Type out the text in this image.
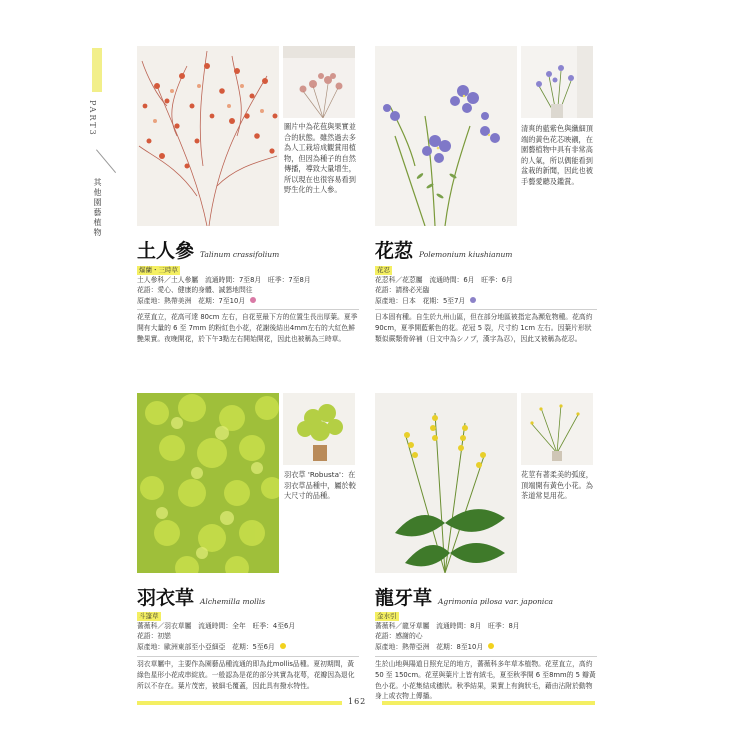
PART3
其他園藝植物
圖片中為花苞與果實並合的狀態。雖然過去多為人工栽培成觀賞用植物，但因為種子的自然傳播，導致大量增生，所以現在也很容易看到野生化的土人參。
土人參 Talinum crassifolium
爆蘭・三時草
土人參科／土人參屬　流通時間：7至8月　旺季：7至8月
花語：愛心、健康的身體、誠懇地問往
原產地：熱帶美洲　花期：7至10月
花莖直立，花高可達 80cm 左右，自花莖最下方的位置生長出厚葉。夏季開有大量的 6 至 7mm 的粉紅色小花，花謝後結出4mm左右的大紅色鮮艷果實。夜晚開花，於下午3點左右開始開花，因此也被稱為三時草。
清爽的藍紫色與纖細頂端的黃色花芯映襯，在園藝植物中具有非常高的人氣，所以偶能看到盆栽的新聞，因此也被手藝愛聽及鑑賞。
花荵 Polemonium kiushianum
花忍
花荵科／花荵屬　流通時間：6月　旺季：6月
花語：請務必光臨
原產地：日本　花期：5至7月
日本固有種。自生於九州山區，但在部分地區被指定為瀕危物種。花高約 90cm，夏季開藍紫色的花。花冠 5 裂，尺寸約 1cm 左右。因葉片形狀類似蕨類骨碎補（日文中為シノブ，漢字為忍），因此又被稱為花忍。
羽衣草 'Robusta'：在羽衣草品種中，屬於較大尺寸的品種。
羽衣草 Alchemilla mollis
斗篷草
薔薇科／羽衣草屬　流通時間：全年　旺季：4至6月
花語：初戀
原產地：歐洲東部至小亞細亞　花期：5至6月
羽衣草屬中，主要作為園藝品種流通的即為此mollis品種。夏初期間，黃綠色星形小花成串綻放。一般認為是花的部分其實為花萼，花瓣因為退化所以不存在。葉片茂密，被細毛覆蓋，因此具有撥水特性。
花莖有著柔美的弧度，頂端開有黃色小花。為茶道常見用花。
龍牙草 Agrimonia pilosa var. japonica
金水引
薔薇科／龍牙草屬　流通時間：8月　旺季：8月
花語：感謝的心
原產地：熱帶亞洲　花期：8至10月
生於山地與陽道日照充足的地方，薔薇科多年草本植物。花莖直立，高約 50 至 150cm。花莖與葉片上皆有絨毛，夏至秋季開 6 至8mm的 5 瓣黃色小花。小花集結成穗狀。秋季結果，果實上有鉤狀毛，藉由沾附於動物身上或衣物上傳播。
162
